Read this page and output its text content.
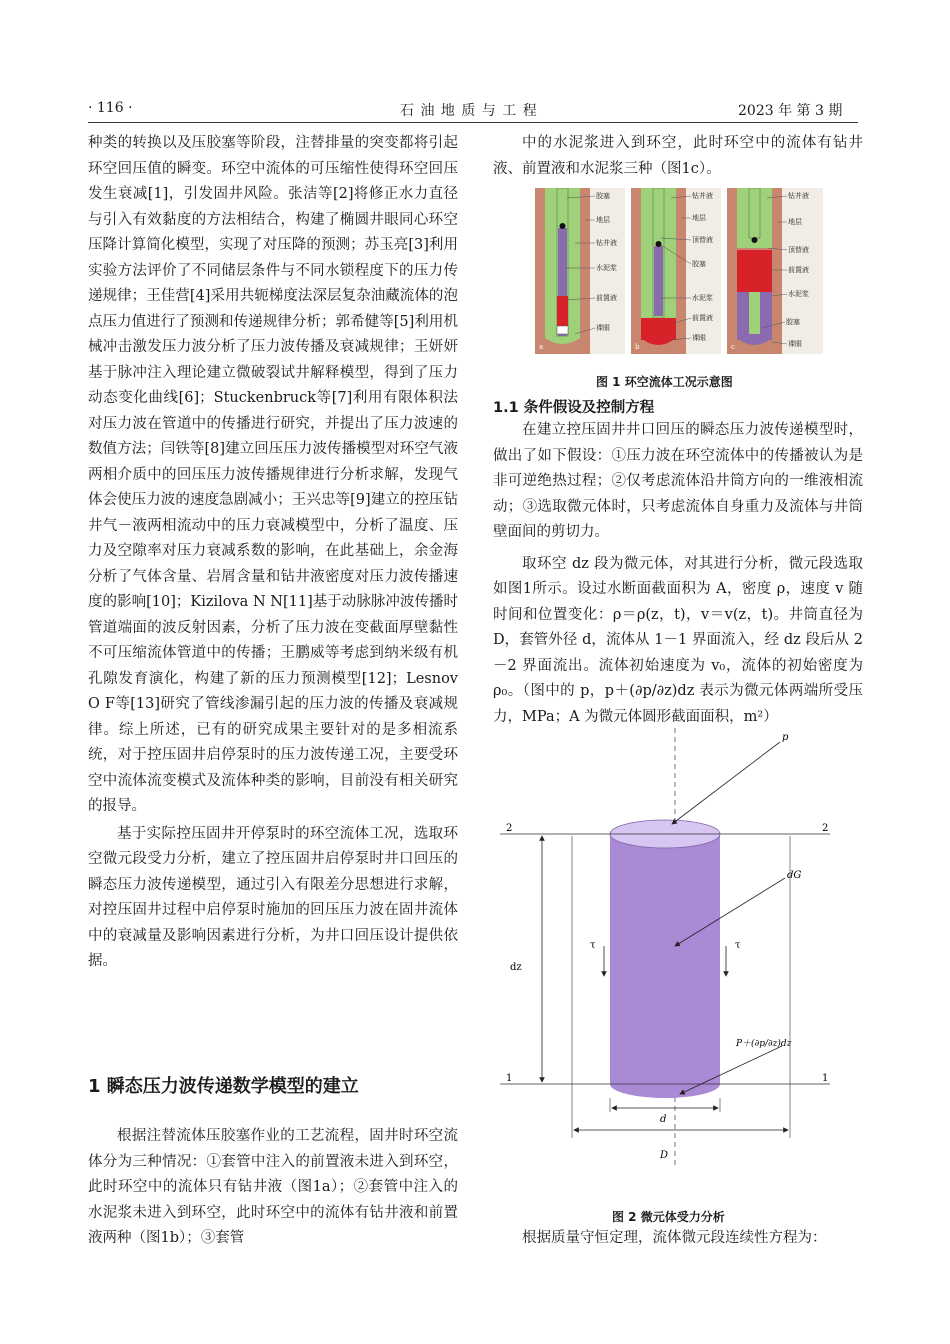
· 116 ·	石 油 地 质 与 工 程	2023 年 第 3 期

种类的转换以及压胶塞等阶段，注替排量的突变都将引起环空回压值的瞬变。环空中流体的可压缩性使得环空回压发生衰减[1]，引发固井风险。张洁等[2]将修正水力直径与引入有效黏度的方法相结合，构建了椭圆井眼同心环空压降计算简化模型，实现了对压降的预测；苏玉亮[3]利用实验方法评价了不同储层条件与不同水锁程度下的压力传递规律；王佳营[4]采用共轭梯度法深层复杂油藏流体的泡点压力值进行了预测和传递规律分析；郭希健等[5]利用机械冲击激发压力波分析了压力波传播及衰减规律；王妍妍基于脉冲注入理论建立微破裂试井解释模型，得到了压力动态变化曲线[6]；Stuckenbruck等[7]利用有限体积法对压力波在管道中的传播进行研究，并提出了压力波速的数值方法；闫铁等[8]建立回压压力波传播模型对环空气液两相介质中的回压压力波传播规律进行分析求解，发现气体会使压力波的速度急剧减小；王兴忠等[9]建立的控压钻井气－液两相流动中的压力衰减模型中，分析了温度、压力及空隙率对压力衰减系数的影响，在此基础上，余金海分析了气体含量、岩屑含量和钻井液密度对压力波传播速度的影响[10]；Kizilova N N[11]基于动脉脉冲波传播时管道端面的波反射因素，分析了压力波在变截面厚壁黏性不可压缩流体管道中的传播；王鹏威等考虑到纳米级有机孔隙发育演化，构建了新的压力预测模型[12]；Lesnov O F等[13]研究了管线渗漏引起的压力波的传播及衰减规律。综上所述，已有的研究成果主要针对的是多相流系统，对于控压固井启停泵时的压力波传递工况，主要受环空中流体流变模式及流体种类的影响，目前没有相关研究的报导。

基于实际控压固井开停泵时的环空流体工况，选取环空微元段受力分析，建立了控压固井启停泵时井口回压的瞬态压力波传递模型，通过引入有限差分思想进行求解，对控压固井过程中启停泵时施加的回压压力波在固井流体中的衰减量及影响因素进行分析，为井口回压设计提供依据。

1 瞬态压力波传递数学模型的建立

根据注替流体压胶塞作业的工艺流程，固井时环空流体分为三种情况：①套管中注入的前置液未进入到环空，此时环空中的流体只有钻井液（图1a）；②套管中注入的水泥浆未进入到环空，此时环空中的流体有钻井液和前置液两种（图1b）；③套管

中的水泥浆进入到环空，此时环空中的流体有钻井液、前置液和水泥浆三种（图1c）。

a
胶塞
地层
钻井液
水泥浆
前置液
裸眼
b
钻井液
地层
顶替液
胶塞
水泥浆
前置液
裸眼
c
钻井液
地层
顶替液
前置液
水泥浆
胶塞
裸眼
图 1 环空流体工况示意图
1.1 条件假设及控制方程

在建立控压固井井口回压的瞬态压力波传递模型时，做出了如下假设：①压力波在环空流体中的传播被认为是非可逆绝热过程；②仅考虑流体沿井筒方向的一维液相流动；③选取微元体时，只考虑流体自身重力及流体与井筒壁面间的剪切力。

取环空 dz 段为微元体，对其进行分析，微元段选取如图1所示。设过水断面截面积为 A，密度 ρ，速度 v 随时间和位置变化：ρ＝ρ(z，t)，v＝v(z，t)。井筒直径为 D，套管外径 d，流体从 1－1 界面流入，经 dz 段后从 2－2 界面流出。流体初始速度为 v₀，流体的初始密度为 ρ₀。（图中的 p，p＋(∂p/∂z)dz 表示为微元体两端所受压力，MPa；A 为微元体圆形截面面积，m²）

2	2
1	1
p
dG
τ	τ
dz
P＋(∂p/∂z)dz
d
D
图 2 微元体受力分析

根据质量守恒定理，流体微元段连续性方程为：
